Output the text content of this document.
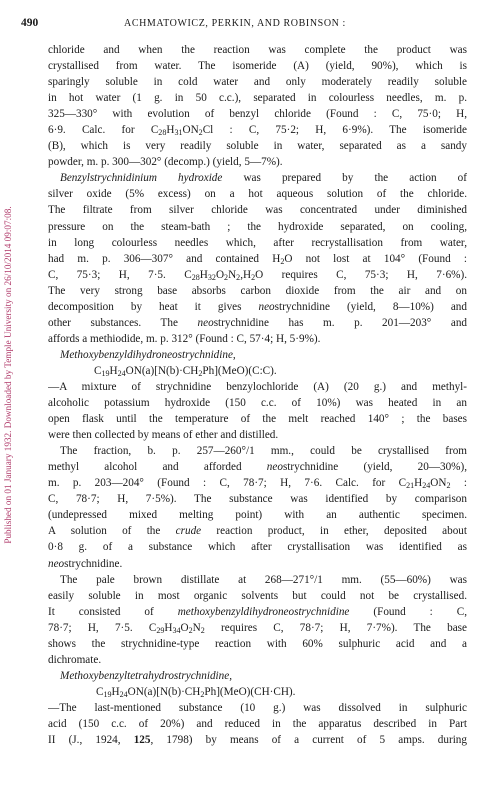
490	ACHMATOWICZ, PERKIN, AND ROBINSON :
Published on 01 January 1932. Downloaded by Temple University on 26/10/2014 09:07:08.
chloride and when the reaction was complete the product was
crystallised from water. The isomeride (A) (yield, 90%), which is
sparingly soluble in cold water and only moderately readily soluble
in hot water (1 g. in 50 c.c.), separated in colourless needles, m. p.
325—330° with evolution of benzyl chloride (Found : C, 75·0; H,
6·9. Calc. for $C_{28}H_{31}ON_2Cl$ : C, 75·2; H, 6·9%). The isomeride
(B), which is very readily soluble in water, separated as a sandy
powder, m. p. 300—302° (decomp.) (yield, 5—7%).
Benzylstrychnidinium hydroxide was prepared by the action of
silver oxide (5% excess) on a hot aqueous solution of the chloride.
The filtrate from silver chloride was concentrated under diminished
pressure on the steam-bath ; the hydroxide separated, on cooling,
in long colourless needles which, after recrystallisation from water,
had m. p. 306—307° and contained $H_2O$ not lost at 104° (Found :
C, 75·3; H, 7·5. $C_{28}H_{32}O_2N_2,H_2O$ requires C, 75·3; H, 7·6%).
The very strong base absorbs carbon dioxide from the air and on
decomposition by heat it gives neostrychnidine (yield, 8—10%) and
other substances. The neostrychnidine has m. p. 201—203° and
affords a methiodide, m. p. 312° (Found : C, 57·4; H, 5·9%).
Methoxybenzyldihydroneostrychnidine,
$C_{19}H_{24}ON(a)[N(b)\cdot CH_2Ph](MeO)(C:C)$.
—A mixture of strychnidine benzylochloride (A) (20 g.) and methyl-
alcoholic potassium hydroxide (150 c.c. of 10%) was heated in an
open flask until the temperature of the melt reached 140° ; the bases
were then collected by means of ether and distilled.
The fraction, b. p. 257—260°/1 mm., could be crystallised from
methyl alcohol and afforded neostrychnidine (yield, 20—30%),
m. p. 203—204° (Found : C, 78·7; H, 7·6. Calc. for $C_{21}H_{24}ON_2$ :
C, 78·7; H, 7·5%). The substance was identified by comparison
(undepressed mixed melting point) with an authentic specimen.
A solution of the crude reaction product, in ether, deposited about
0·8 g. of a substance which after crystallisation was identified as
neostrychnidine.
The pale brown distillate at 268—271°/1 mm. (55—60%) was
easily soluble in most organic solvents but could not be crystallised.
It consisted of methoxybenzyldihydroneostrychnidine (Found : C,
78·7; H, 7·5. $C_{29}H_{34}O_2N_2$ requires C, 78·7; H, 7·7%). The base
shows the strychnidine-type reaction with 60% sulphuric acid and a
dichromate.
Methoxybenzyltetrahydrostrychnidine,
$C_{19}H_{24}ON(a)[N(b)\cdot CH_2Ph](MeO)(CH\cdot CH)$.
—The last-mentioned substance (10 g.) was dissolved in sulphuric
acid (150 c.c. of 20%) and reduced in the apparatus described in Part
II (J., 1924, 125, 1798) by means of a current of 5 amps. during
